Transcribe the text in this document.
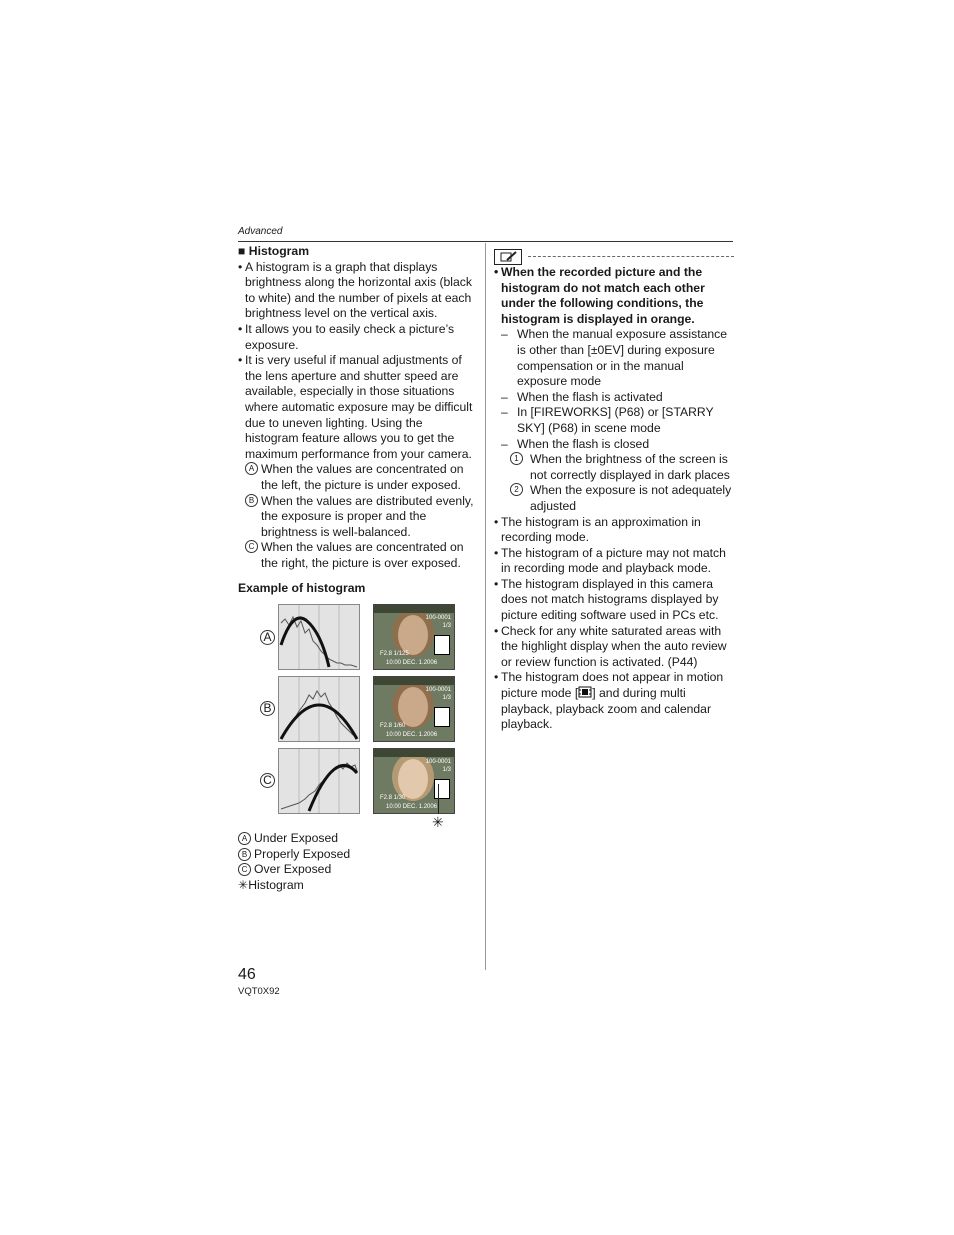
Advanced
■ Histogram
• A histogram is a graph that displays brightness along the horizontal axis (black to white) and the number of pixels at each brightness level on the vertical axis.
• It allows you to easily check a picture’s exposure.
• It is very useful if manual adjustments of the lens aperture and shutter speed are available, especially in those situations where automatic exposure may be difficult due to uneven lighting. Using the histogram feature allows you to get the maximum performance from your camera.
A When the values are concentrated on the left, the picture is under exposed.
B When the values are distributed evenly, the exposure is proper and the brightness is well-balanced.
C When the values are concentrated on the right, the picture is over exposed.
Example of histogram
A
100-0001
1/3
F2.8 1/125
10:00 DEC. 1.2006
B
100-0001
1/3
F2.8 1/60
10:00 DEC. 1.2006
C
100-0001
1/3
F2.8 1/30
10:00 DEC. 1.2006
✳
A Under Exposed
B Properly Exposed
C Over Exposed
✳Histogram
• When the recorded picture and the histogram do not match each other under the following conditions, the histogram is displayed in orange.
– When the manual exposure assistance is other than [±0EV] during exposure compensation or in the manual exposure mode
– When the flash is activated
– In [FIREWORKS] (P68) or [STARRY SKY] (P68) in scene mode
– When the flash is closed
1 When the brightness of the screen is not correctly displayed in dark places
2 When the exposure is not adequately adjusted
• The histogram is an approximation in recording mode.
• The histogram of a picture may not match in recording mode and playback mode.
• The histogram displayed in this camera does not match histograms displayed by picture editing software used in PCs etc.
• Check for any white saturated areas with the highlight display when the auto review or review function is activated. (P44)
• The histogram does not appear in motion picture mode [ ] and during multi playback, playback zoom and calendar playback.
46
VQT0X92
